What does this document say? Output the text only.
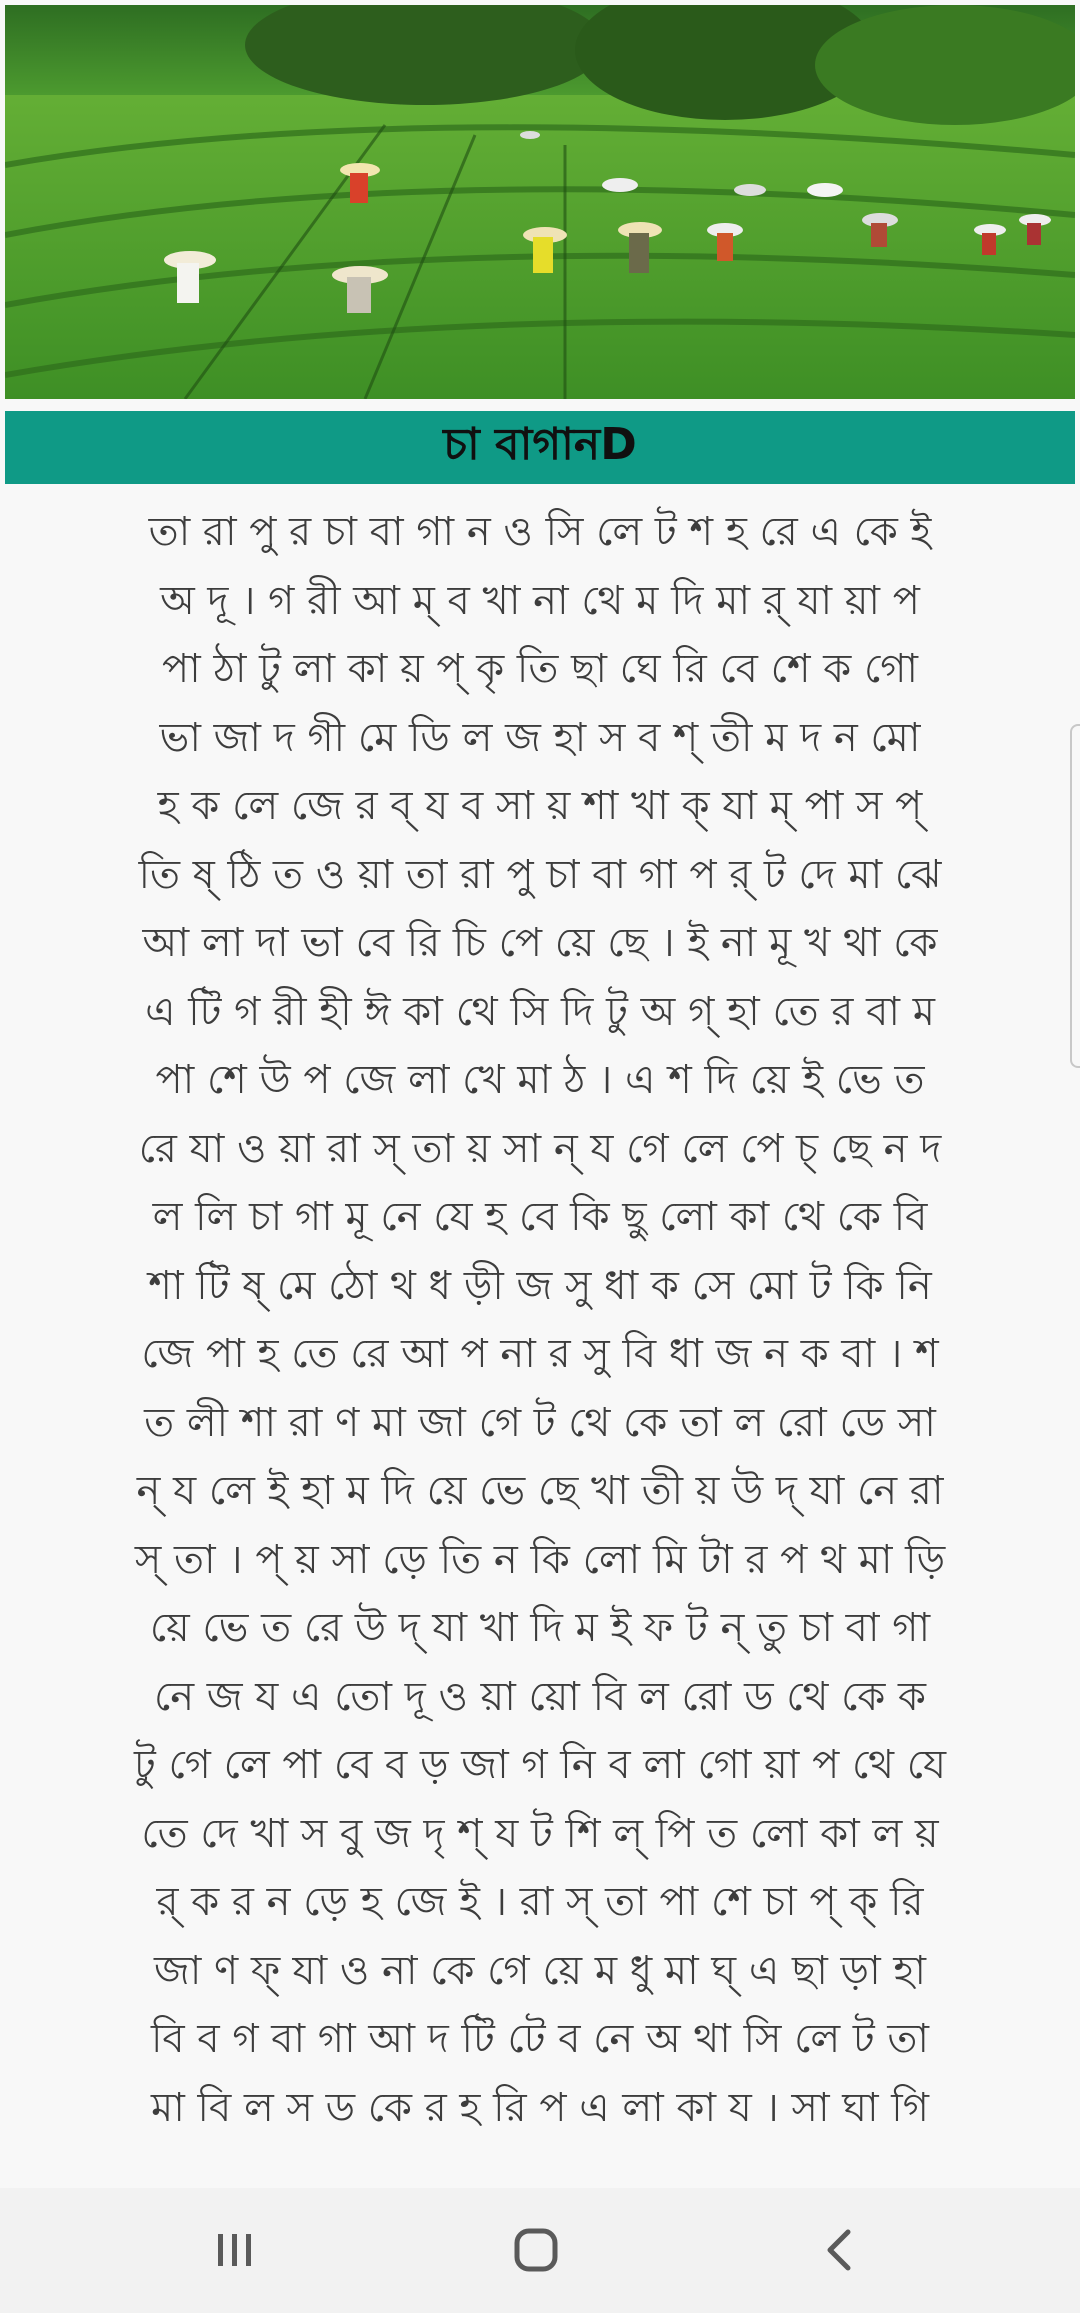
চা বাগানD
তা রা পু র চা বা গা ন ও সি লে ট শ হ রে এ কে ই
অ দূ । গ রী আ ম্ ব খা না থে ম দি মা র্ যা য়া প
পা ঠা টু লা কা য় প্ কৃ তি ছা ঘে রি বে শে ক গো
ভা জা দ গী মে ডি ল জ হা স ব শ্ তী ম দ ন মো
হ ক লে জে র ব্ য ব সা য় শা খা ক্ যা ম্ পা স প্
তি ষ্ ঠি ত ও য়া তা রা পু চা বা গা প র্ ট দে মা ঝে
আ লা দা ভা বে রি চি পে য়ে ছে । ই না মূ খ থা কে
এ টি গ রী হী ঈ কা থে সি দি টু অ গ্ হা তে র বা ম
পা শে উ প জে লা খে মা ঠ । এ শ দি য়ে ই ভে ত
রে যা ও য়া রা স্ তা য় সা ন্ য গে লে পে চ্ ছে ন দ
ল লি চা গা মূ নে যে হ বে কি ছু লো কা থে কে বি
শা টি ষ্ মে ঠো থ ধ ড়ী জ সু ধা ক সে মো ট কি নি
জে পা হ তে রে আ প না র সু বি ধা জ ন ক বা । শ
ত লী শা রা ণ মা জা গে ট থে কে তা ল রো ডে সা
ন্ য লে ই হা ম দি য়ে ভে ছে খা তী য় উ দ্ যা নে রা
স্ তা । প্ য় সা ড়ে তি ন কি লো মি টা র প থ মা ড়ি
য়ে ভে ত রে উ দ্ যা খা দি ম ই ফ ট ন্ তু চা বা গা
নে জ য এ তো দূ ও য়া য়ো বি ল রো ড থে কে ক
টু গে লে পা বে ব ড় জা গ নি ব লা গো য়া প থে যে
তে দে খা স বু জ দৃ শ্ য ট শি ল্ পি ত লো কা ল য়
র্ ক র ন ড়ে হ জে ই । রা স্ তা পা শে চা প্ ক্ রি
জা ণ ফ্ যা ও না কে গে য়ে ম ধু মা ঘ্ এ ছা ড়া হা
বি ব গ বা গা আ দ টি টে ব নে অ থা সি লে ট তা
মা বি ল স ড কে র হ রি প এ লা কা য । সা ঘা গি
